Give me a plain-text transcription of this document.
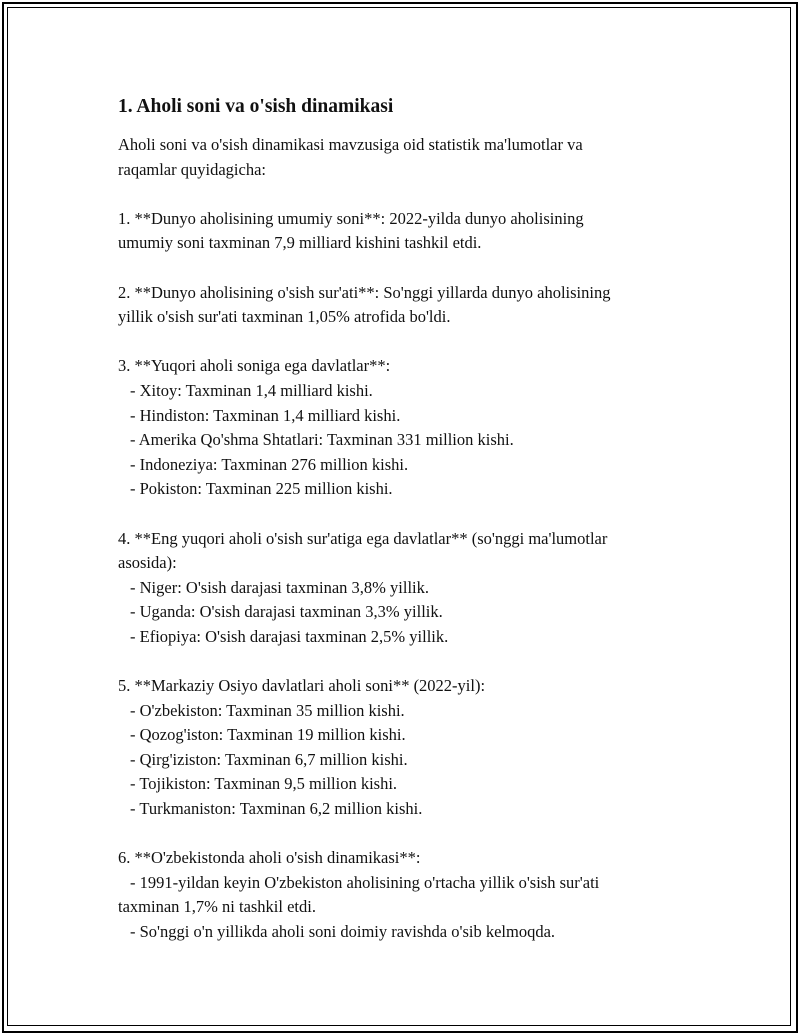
1. Aholi soni va o'sish dinamikasi
Aholi soni va o'sish dinamikasi mavzusiga oid statistik ma'lumotlar va
raqamlar quyidagicha:
1. **Dunyo aholisining umumiy soni**: 2022-yilda dunyo aholisining
umumiy soni taxminan 7,9 milliard kishini tashkil etdi.
2. **Dunyo aholisining o'sish sur'ati**: So'nggi yillarda dunyo aholisining
yillik o'sish sur'ati taxminan 1,05% atrofida bo'ldi.
3. **Yuqori aholi soniga ega davlatlar**:
- Xitoy: Taxminan 1,4 milliard kishi.
- Hindiston: Taxminan 1,4 milliard kishi.
- Amerika Qo'shma Shtatlari: Taxminan 331 million kishi.
- Indoneziya: Taxminan 276 million kishi.
- Pokiston: Taxminan 225 million kishi.
4. **Eng yuqori aholi o'sish sur'atiga ega davlatlar** (so'nggi ma'lumotlar
asosida):
- Niger: O'sish darajasi taxminan 3,8% yillik.
- Uganda: O'sish darajasi taxminan 3,3% yillik.
- Efiopiya: O'sish darajasi taxminan 2,5% yillik.
5. **Markaziy Osiyo davlatlari aholi soni** (2022-yil):
- O'zbekiston: Taxminan 35 million kishi.
- Qozog'iston: Taxminan 19 million kishi.
- Qirg'iziston: Taxminan 6,7 million kishi.
- Tojikiston: Taxminan 9,5 million kishi.
- Turkmaniston: Taxminan 6,2 million kishi.
6. **O'zbekistonda aholi o'sish dinamikasi**:
- 1991-yildan keyin O'zbekiston aholisining o'rtacha yillik o'sish sur'ati
taxminan 1,7% ni tashkil etdi.
- So'nggi o'n yillikda aholi soni doimiy ravishda o'sib kelmoqda.
